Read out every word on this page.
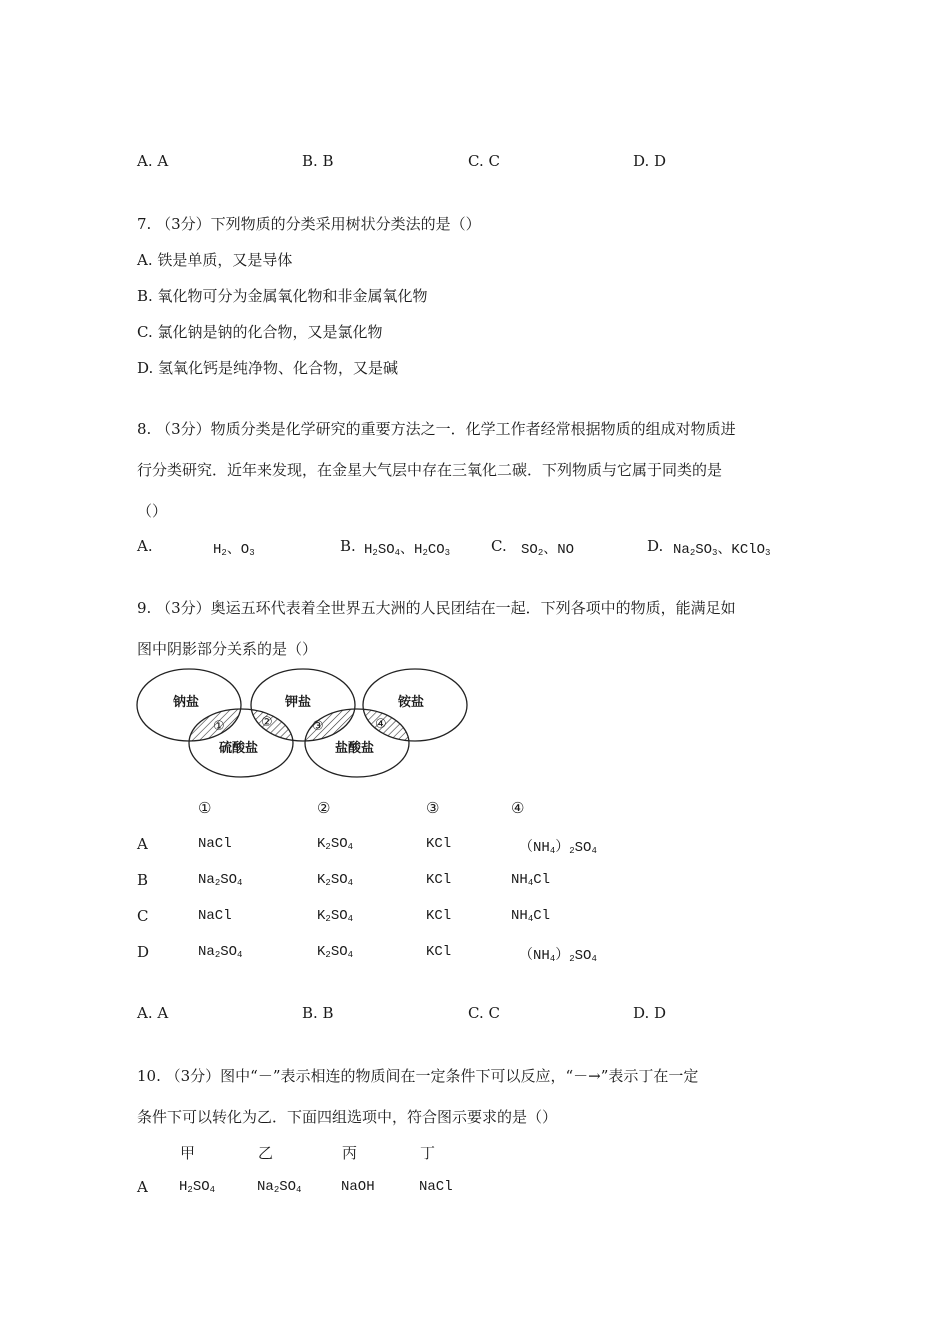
A. A	B. B	C. C	D. D
7. （3分）下列物质的分类采用树状分类法的是（）
A. 铁是单质，又是导体
B. 氧化物可分为金属氧化物和非金属氧化物
C. 氯化钠是钠的化合物，又是氯化物
D. 氢氧化钙是纯净物、化合物，又是碱
8. （3分）物质分类是化学研究的重要方法之一．化学工作者经常根据物质的组成对物质进
行分类研究．近年来发现，在金星大气层中存在三氧化二碳．下列物质与它属于同类的是
（）
A.	$H_2$、$O_3$	B. $H_2SO_4$、$H_2CO_3$	C. $SO_2$、NO	D. $Na_2SO_3$、KClO$_3$
9. （3分）奥运五环代表着全世界五大洲的人民团结在一起．下列各项中的物质，能满足如
图中阴影部分关系的是（）
钠盐	钾盐	铵盐
硫酸盐	盐酸盐
①	②	③	④
①	②	③	④
A	NaCl	$K_2SO_4$	KCl	$(NH_4)_2SO_4$
B	$Na_2SO_4$	$K_2SO_4$	KCl	$NH_4Cl$
C	NaCl	$K_2SO_4$	KCl	$NH_4Cl$
D	$Na_2SO_4$	$K_2SO_4$	KCl	$(NH_4)_2SO_4$
A. A	B. B	C. C	D. D
10. （3分）图中“－”表示相连的物质间在一定条件下可以反应，“－→”表示丁在一定
条件下可以转化为乙．下面四组选项中，符合图示要求的是（）
甲	乙	丙	丁
A $H_2SO_4$	$Na_2SO_4$	NaOH	NaCl
